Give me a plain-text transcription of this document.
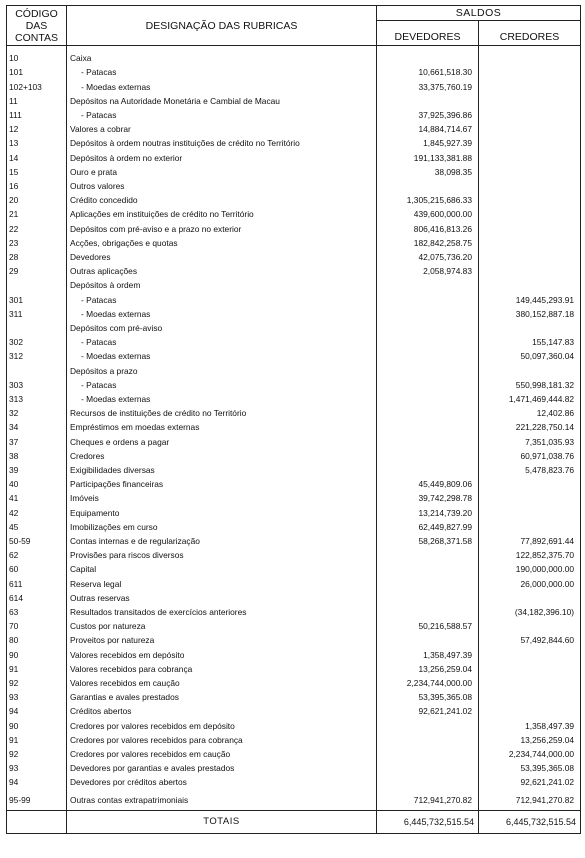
CÓDIGO
DAS
CONTAS	DESIGNAÇÃO DAS RUBRICAS	SALDOS	
		DEVEDORES	CREDORES

10	Caixa		
101	- Patacas	10,661,518.30	
102+103	- Moedas externas	33,375,760.19	
11	Depósitos na Autoridade Monetária e Cambial de Macau		
111	- Patacas	37,925,396.86	
12	Valores a cobrar	14,884,714.67	
13	Depósitos à ordem noutras instituições de crédito no Território	1,845,927.39	
14	Depósitos à ordem no exterior	191,133,381.88	
15	Ouro e prata	38,098.35	
16	Outros valores		
20	Crédito concedido	1,305,215,686.33	
21	Aplicações em instituições de crédito no Território	439,600,000.00	
22	Depósitos com pré-aviso e a prazo no exterior	806,416,813.26	
23	Acções, obrigações e quotas	182,842,258.75	
28	Devedores	42,075,736.20	
29	Outras aplicações	2,058,974.83	
	Depósitos à ordem		
301	- Patacas		149,445,293.91
311	- Moedas externas		380,152,887.18
	Depósitos com pré-aviso		
302	- Patacas		155,147.83
312	- Moedas externas		50,097,360.04
	Depósitos a prazo		
303	- Patacas		550,998,181.32
313	- Moedas externas		1,471,469,444.82
32	Recursos de instituições de crédito no Território		12,402.86
34	Empréstimos em moedas externas		221,228,750.14
37	Cheques e ordens a pagar		7,351,035.93
38	Credores		60,971,038.76
39	Exigibilidades diversas		5,478,823.76
40	Participações financeiras	45,449,809.06	
41	Imóveis	39,742,298.78	
42	Equipamento	13,214,739.20	
45	Imobilizações em curso	62,449,827.99	
50-59	Contas internas e de regularização	58,268,371.58	77,892,691.44
62	Provisões para riscos diversos		122,852,375.70
60	Capital		190,000,000.00
611	Reserva legal		26,000,000.00
614	Outras reservas		
63	Resultados transitados de exercícios anteriores		(34,182,396.10)
70	Custos por natureza	50,216,588.57	
80	Proveitos por natureza		57,492,844.60
90	Valores recebidos em depósito	1,358,497.39	
91	Valores recebidos para cobrança	13,256,259.04	
92	Valores recebidos em caução	2,234,744,000.00	
93	Garantias e avales prestados	53,395,365.08	
94	Créditos abertos	92,621,241.02	
90	Credores por valores recebidos em depósito		1,358,497.39
91	Credores por valores recebidos para cobrança		13,256,259.04
92	Credores por valores recebidos em caução		2,234,744,000.00
93	Devedores por garantias e avales prestados		53,395,365.08
94	Devedores por créditos abertos		92,621,241.02
95-99	Outras contas extrapatrimoniais	712,941,270.82	712,941,270.82
	TOTAIS	6,445,732,515.54	6,445,732,515.54
